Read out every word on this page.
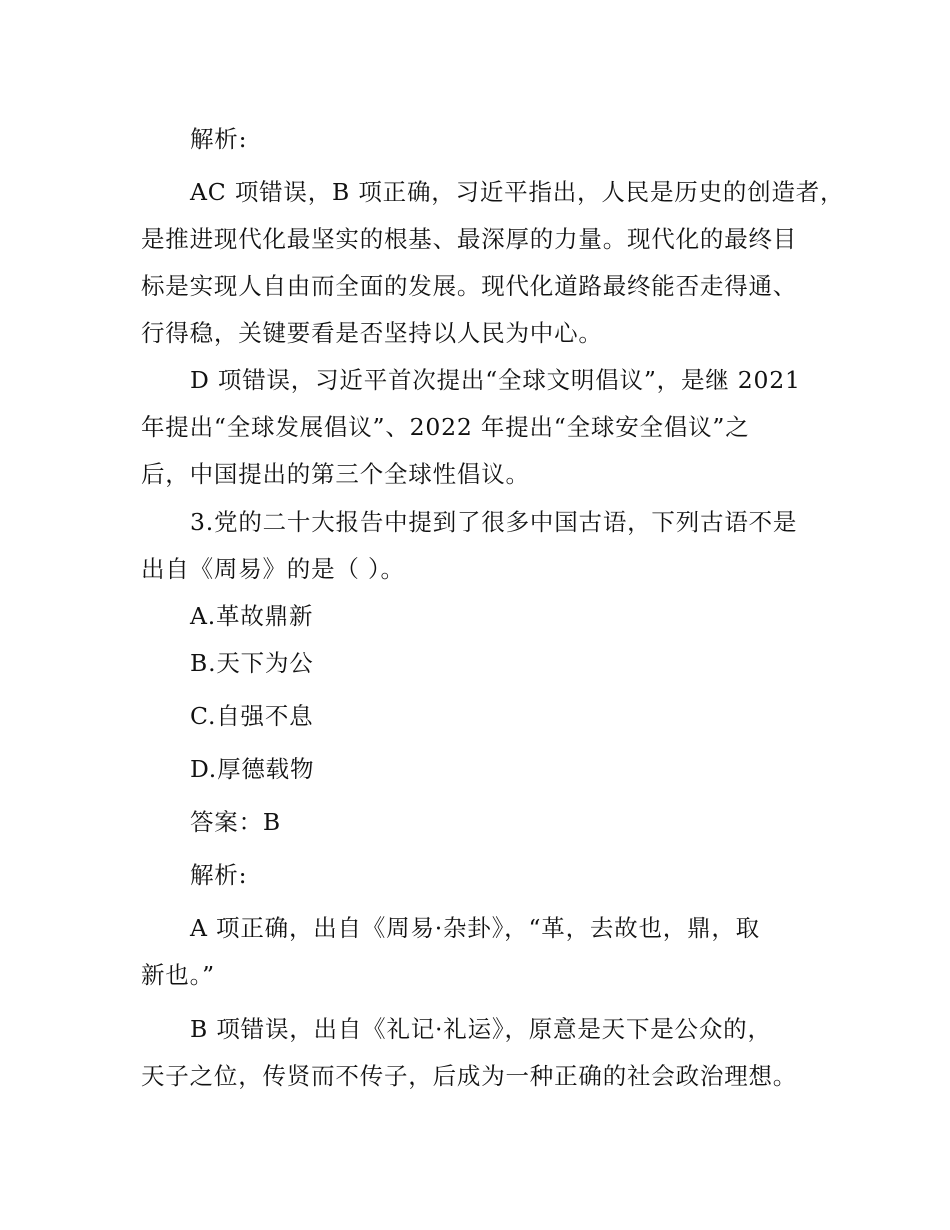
解析:
AC 项错误，B 项正确，习近平指出，人民是历史的创造者，
是推进现代化最坚实的根基、最深厚的力量。现代化的最终目
标是实现人自由而全面的发展。现代化道路最终能否走得通、
行得稳，关键要看是否坚持以人民为中心。
D 项错误，习近平首次提出“全球文明倡议”，是继 2021
年提出“全球发展倡议”、2022 年提出“全球安全倡议”之
后，中国提出的第三个全球性倡议。
3.党的二十大报告中提到了很多中国古语，下列古语不是
出自《周易》的是（ ）。
A.革故鼎新
B.天下为公
C.自强不息
D.厚德载物
答案：B
解析:
A 项正确，出自《周易·杂卦》，“革，去故也，鼎，取
新也。”
B 项错误，出自《礼记·礼运》，原意是天下是公众的，
天子之位，传贤而不传子，后成为一种正确的社会政治理想。
